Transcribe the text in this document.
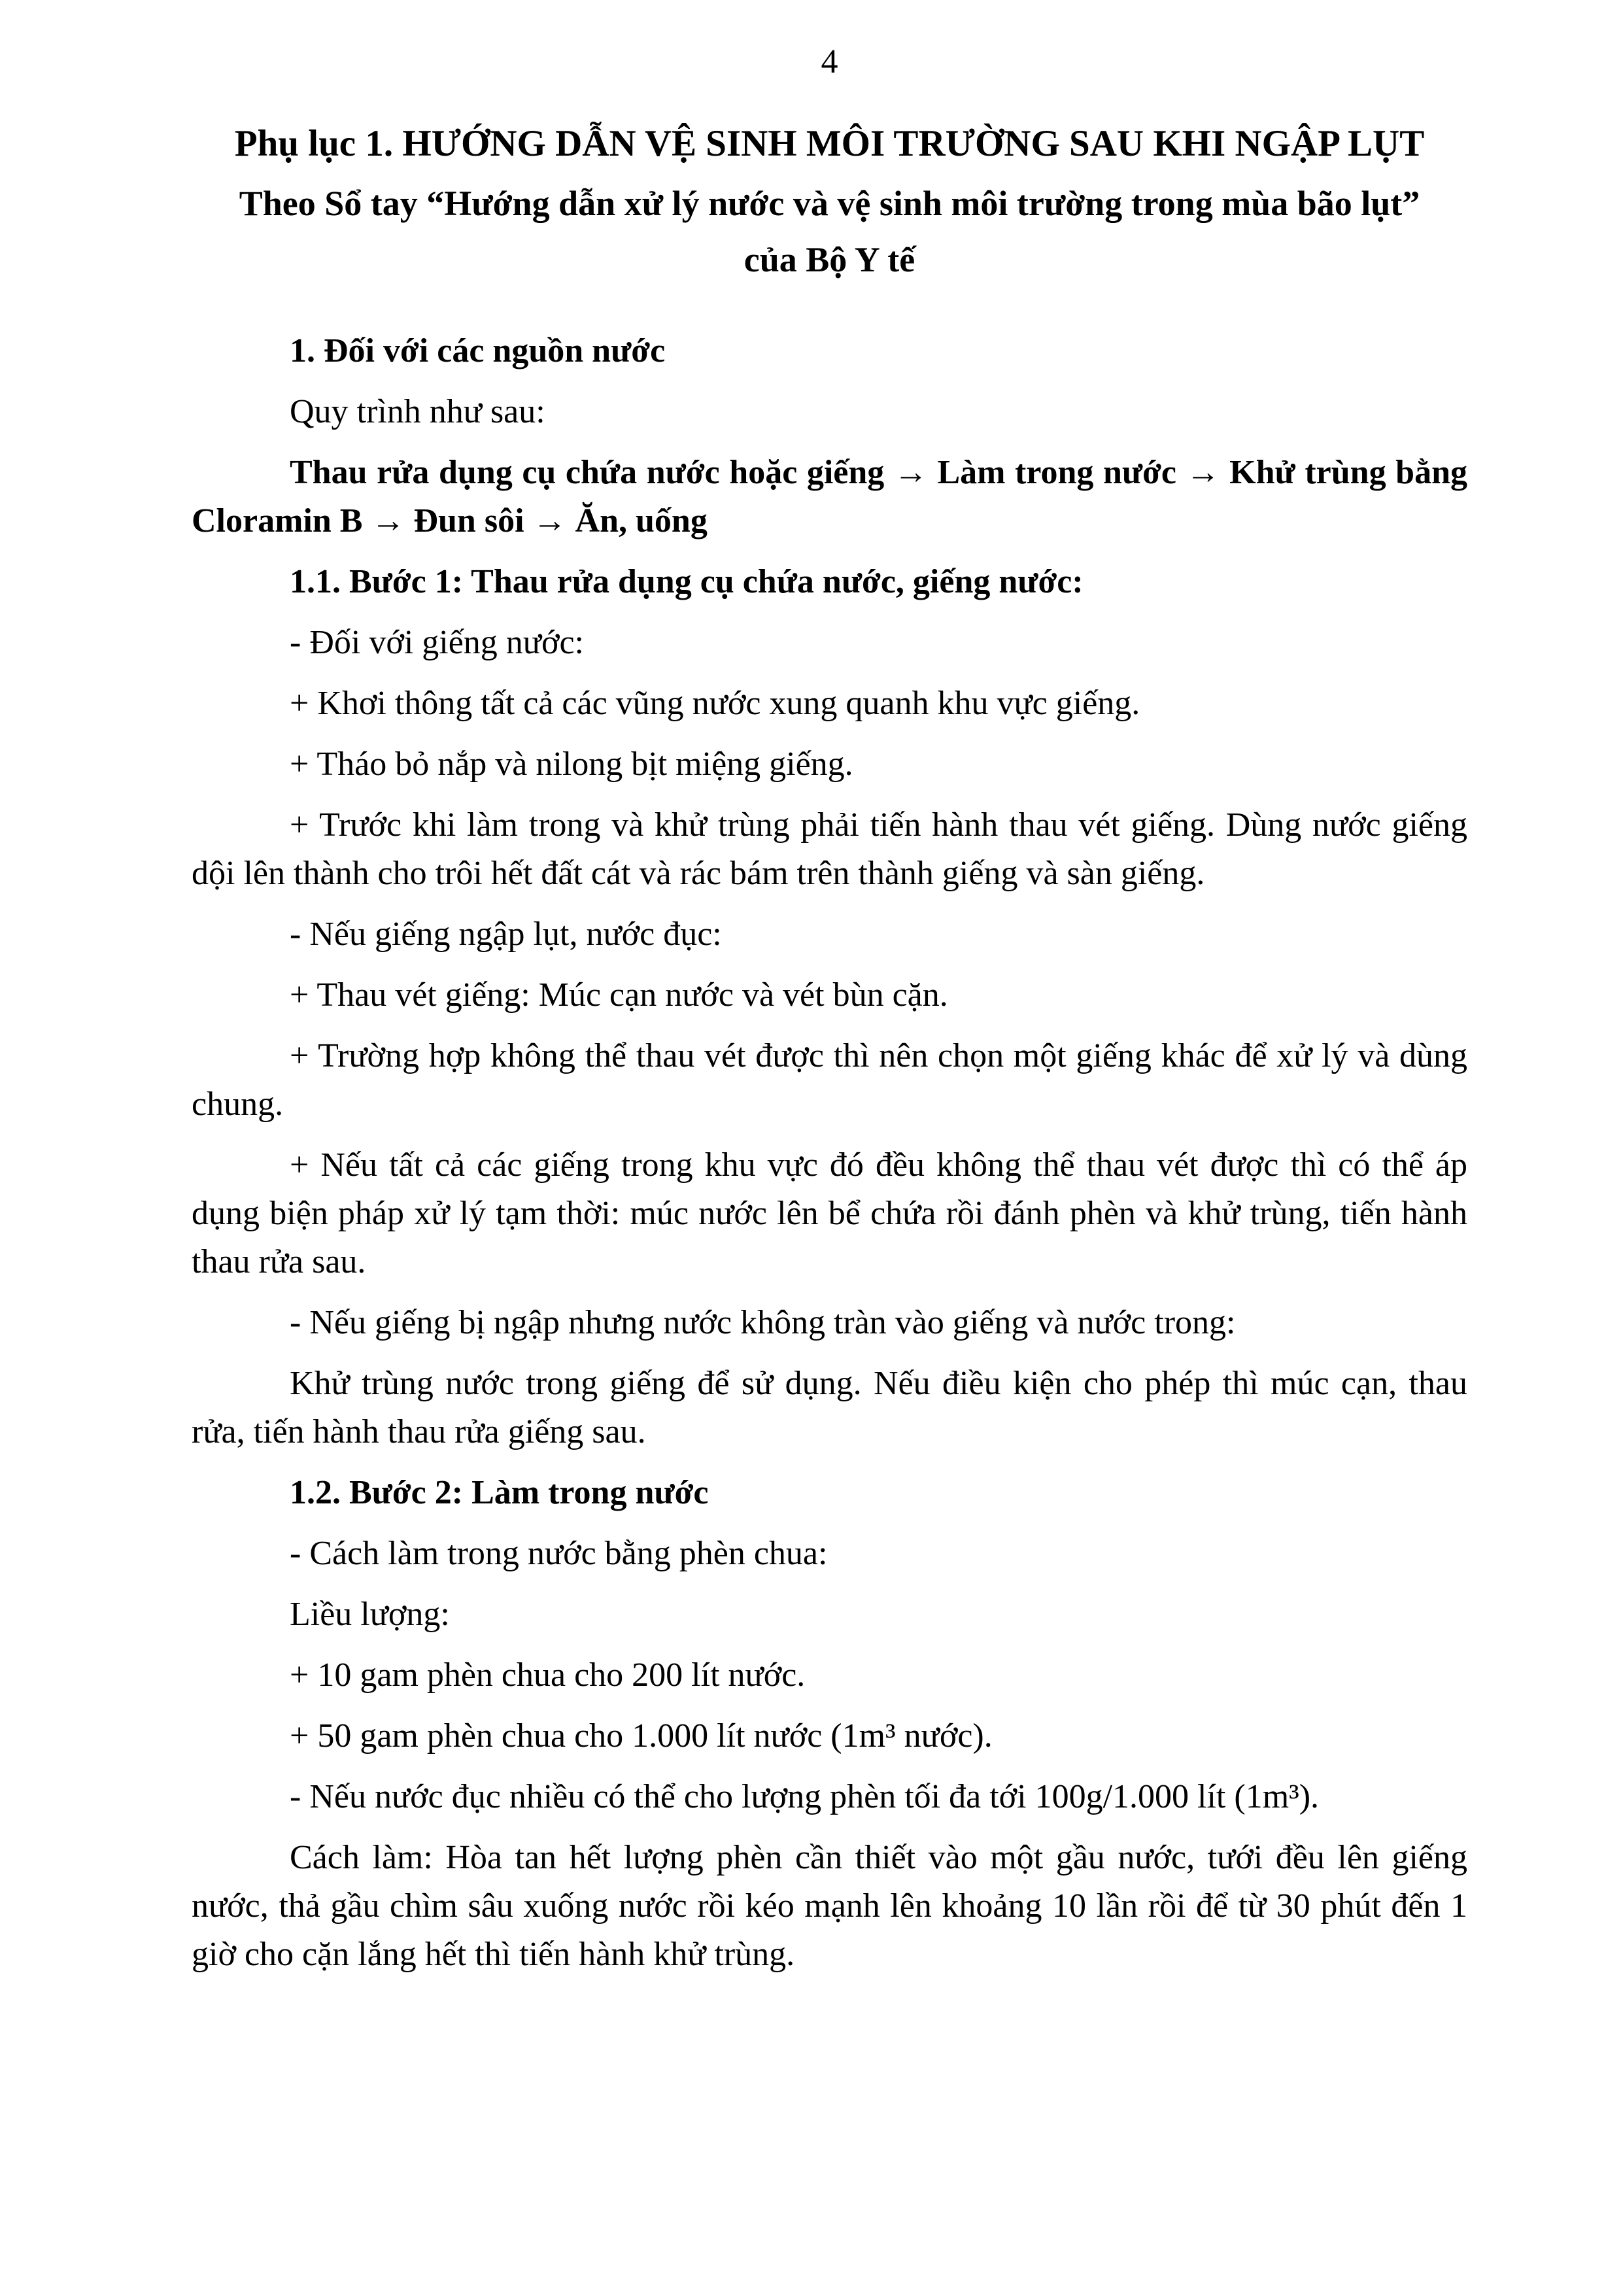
4
Phụ lục 1. HƯỚNG DẪN VỆ SINH MÔI TRƯỜNG SAU KHI NGẬP LỤT
Theo Sổ tay “Hướng dẫn xử lý nước và vệ sinh môi trường trong mùa bão lụt”
của Bộ Y tế

1. Đối với các nguồn nước

Quy trình như sau:

Thau rửa dụng cụ chứa nước hoặc giếng → Làm trong nước → Khử trùng bằng Cloramin B → Đun sôi → Ăn, uống

1.1. Bước 1: Thau rửa dụng cụ chứa nước, giếng nước:

- Đối với giếng nước:

+ Khơi thông tất cả các vũng nước xung quanh khu vực giếng.

+ Tháo bỏ nắp và nilong bịt miệng giếng.

+ Trước khi làm trong và khử trùng phải tiến hành thau vét giếng. Dùng nước giếng dội lên thành cho trôi hết đất cát và rác bám trên thành giếng và sàn giếng.

- Nếu giếng ngập lụt, nước đục:

+ Thau vét giếng: Múc cạn nước và vét bùn cặn.

+ Trường hợp không thể thau vét được thì nên chọn một giếng khác để xử lý và dùng chung.

+ Nếu tất cả các giếng trong khu vực đó đều không thể thau vét được thì có thể áp dụng biện pháp xử lý tạm thời: múc nước lên bể chứa rồi đánh phèn và khử trùng, tiến hành thau rửa sau.

- Nếu giếng bị ngập nhưng nước không tràn vào giếng và nước trong:

Khử trùng nước trong giếng để sử dụng. Nếu điều kiện cho phép thì múc cạn, thau rửa, tiến hành thau rửa giếng sau.

1.2. Bước 2: Làm trong nước

- Cách làm trong nước bằng phèn chua:

Liều lượng:

+ 10 gam phèn chua cho 200 lít nước.

+ 50 gam phèn chua cho 1.000 lít nước (1m³ nước).

- Nếu nước đục nhiều có thể cho lượng phèn tối đa tới 100g/1.000 lít (1m³).

Cách làm: Hòa tan hết lượng phèn cần thiết vào một gầu nước, tưới đều lên giếng nước, thả gầu chìm sâu xuống nước rồi kéo mạnh lên khoảng 10 lần rồi để từ 30 phút đến 1 giờ cho cặn lắng hết thì tiến hành khử trùng.
